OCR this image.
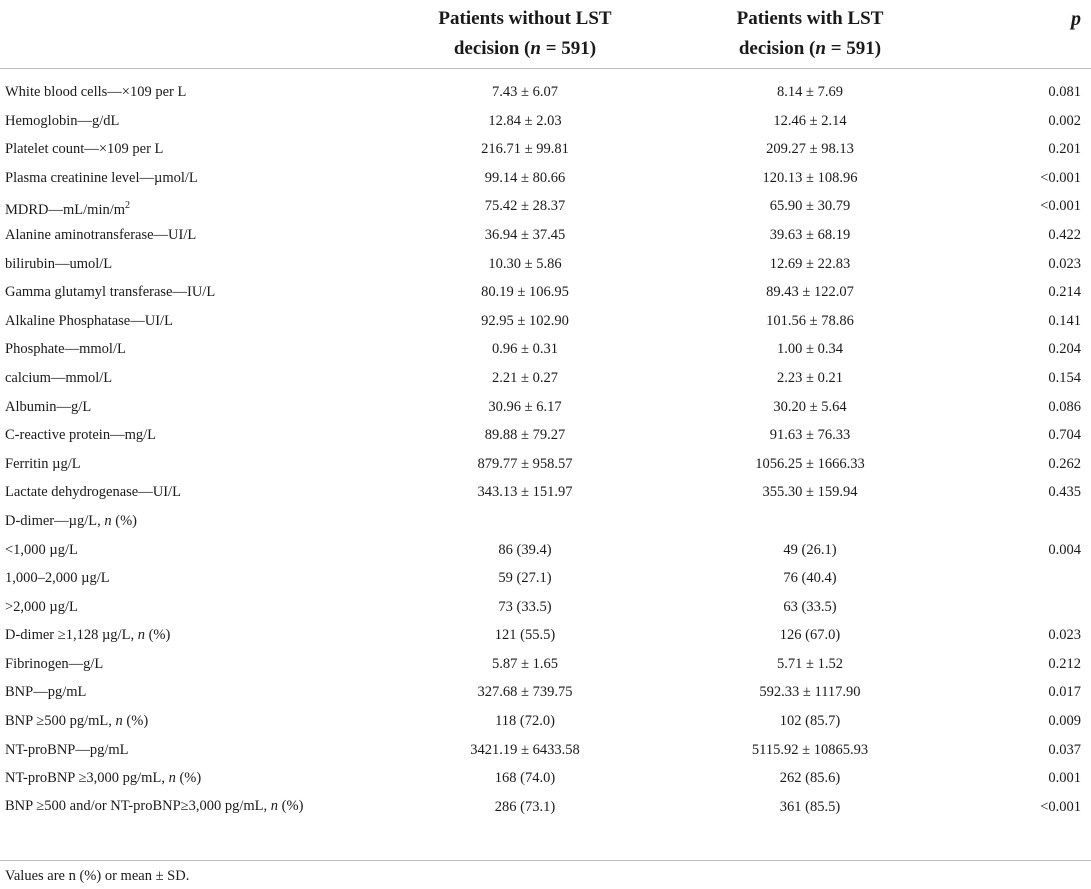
Patients without LST
decision (n = 591)
Patients with LST
decision (n = 591)
p
White blood cells—×109 per L	7.43 ± 6.07	8.14 ± 7.69	0.081
Hemoglobin—g/dL	12.84 ± 2.03	12.46 ± 2.14	0.002
Platelet count—×109 per L	216.71 ± 99.81	209.27 ± 98.13	0.201
Plasma creatinine level—µmol/L	99.14 ± 80.66	120.13 ± 108.96	<0.001
$MDRD—mL/\min/m^2$	75.42 ± 28.37	65.90 ± 30.79	<0.001
Alanine aminotransferase—UI/L	36.94 ± 37.45	39.63 ± 68.19	0.422
bilirubin—umol/L	10.30 ± 5.86	12.69 ± 22.83	0.023
Gamma glutamyl transferase—IU/L	80.19 ± 106.95	89.43 ± 122.07	0.214
Alkaline Phosphatase—UI/L	92.95 ± 102.90	101.56 ± 78.86	0.141
Phosphate—mmol/L	0.96 ± 0.31	1.00 ± 0.34	0.204
calcium—mmol/L	2.21 ± 0.27	2.23 ± 0.21	0.154
Albumin—g/L	30.96 ± 6.17	30.20 ± 5.64	0.086
C-reactive protein—mg/L	89.88 ± 79.27	91.63 ± 76.33	0.704
Ferritin µg/L	879.77 ± 958.57	1056.25 ± 1666.33	0.262
Lactate dehydrogenase—UI/L	343.13 ± 151.97	355.30 ± 159.94	0.435
D-dimer—µg/L, n (%)
<1,000 µg/L	86 (39.4)	49 (26.1)	0.004
1,000–2,000 µg/L	59 (27.1)	76 (40.4)
>2,000 µg/L	73 (33.5)	63 (33.5)
D-dimer ≥1,128 µg/L, n (%)	121 (55.5)	126 (67.0)	0.023
Fibrinogen—g/L	5.87 ± 1.65	5.71 ± 1.52	0.212
BNP—pg/mL	327.68 ± 739.75	592.33 ± 1117.90	0.017
BNP ≥500 pg/mL, n (%)	118 (72.0)	102 (85.7)	0.009
NT-proBNP—pg/mL	3421.19 ± 6433.58	5115.92 ± 10865.93	0.037
NT-proBNP ≥3,000 pg/mL, n (%)	168 (74.0)	262 (85.6)	0.001
BNP ≥500 and/or NT-proBNP≥3,000 pg/mL, n (%)	286 (73.1)	361 (85.5)	<0.001
Values are n (%) or mean ± SD.
